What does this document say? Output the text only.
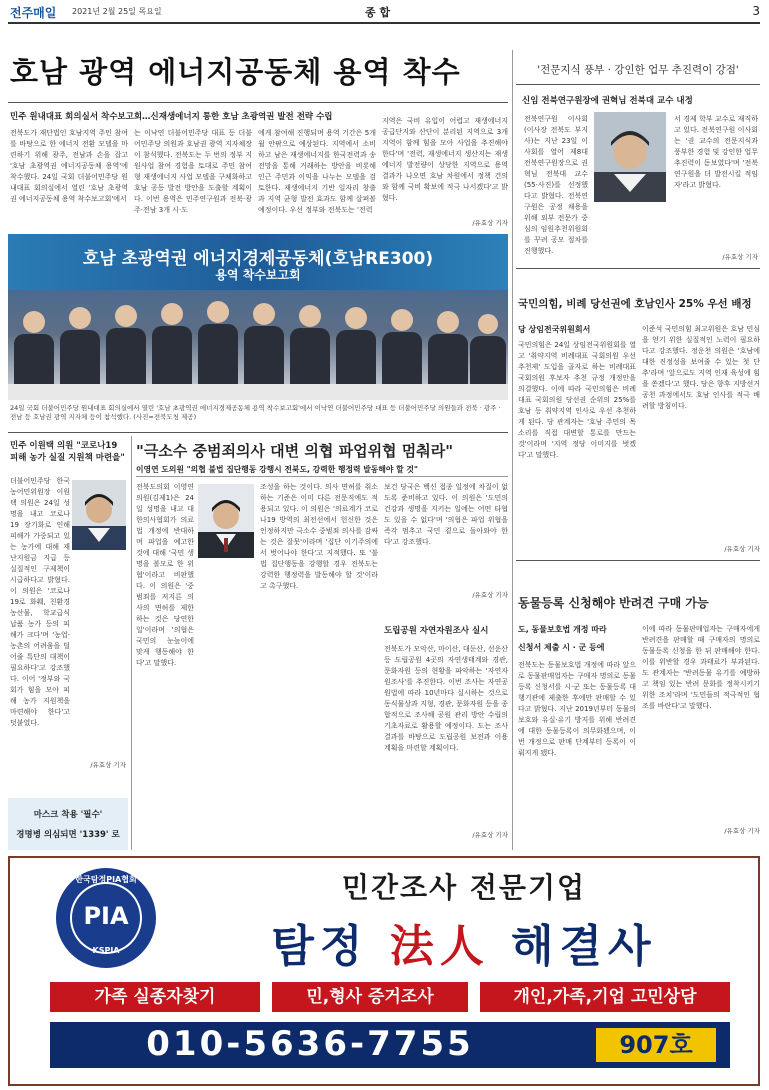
전주매일 2021년 2월 25일 목요일	종 합	3
호남 광역 에너지공동체 용역 착수
민주 원내대표 회의실서 착수보고회…신재생에너지 통한 호남 초광역권 발전 전략 수립
전북도가 재단법인 호남지역 주민 참여를 바탕으로 한 에너지 전환 모델을 마련하기 위해 광주, 전남과 손을 잡고 '호남 초광역권 에너지공동체 용역'에 착수했다. 24일 국회 더불어민주당 원내대표 회의실에서 열린 '호남 초광역권 에너지공동체 용역 착수보고회'에서
는 이낙연 더불어민주당 대표 등 더불어민주당 의원과 호남권 광역 지자체장이 참석했다. 전북도는 두 번의 정부 지원사업 참여 경험을 토대로 주민 참여형 재생에너지 사업 모델을 구체화하고 호남 공동 발전 방안을 도출할 계획이다. 이번 용역은 민주연구원과 전북·광주·전남 3개 시·도
에게 참여해 진행되며 용역 기간은 5개월 안팎으로 예상된다. 지역에서 소비하고 남은 재생에너지를 한국전력과 송전망을 통해 거래하는 방안을 비롯해 인근 주민과 이익을 나누는 모델을 검토한다. 재생에너지 기반 일자리 창출과 지역 균형 발전 효과도 함께 살펴볼 예정이다. 우선 정부와 전북도는 '전력
지역은 국비 유입이 어렵고 재생에너지 공급단지와 산단이 분리된 지역으로 3개 지역이 함께 힘을 모아 사업을 추진해야 한다'며 '전력, 재생에너지 생산지는 재생에너지 발전량이 상당한 지역으로 용역 결과가 나오면 호남 차원에서 정책 건의와 함께 국비 확보에 적극 나서겠다'고 밝혔다.
/유효상 기자
호남 초광역권 에너지경제공동체(호남RE300)
용역 착수보고회
24일 국회 더불어민주당 원내대표 회의실에서 열린 '호남 초광역권 에너지경제공동체 용역 착수보고회'에서 이낙연 더불어민주당 대표 등 더불어민주당 의원들과 전북 · 광주 · 전남 등 호남권 광역 지자체 등이 참석했다. (사진=전북도청 제공)
'전문지식 풍부 · 강인한 업무 추진력이 강점'
신임 전북연구원장에 권혁님 전북대 교수 내정
전북연구원 이사회(이사장 전북도 부지사)는 지난 23일 이사회를 열어 제8대 전북연구원장으로 권혁님 전북대 교수(55·사진)를 선정했다고 밝혔다. 전북연구원은 공정 채용을 위해 외부 전문가 중심의 임원추천위원회를 꾸려 공모 절차를 진행했다.
서 경제 학부 교수로 재직하고 있다. 전북연구원 이사회는 '권 교수의 전문지식과 풍부한 경험 및 강인한 업무 추진력이 돋보였다'며 '전북연구원을 더 발전시킬 적임자'라고 밝혔다.
/유효상 기자
국민의힘, 비례 당선권에 호남인사 25% 우선 배정
당 상임전국위원회서
국민의힘은 24일 상임전국위원회를 열고 '취약지역 비례대표 국회의원 우선추천제' 도입을 골자로 하는 비례대표 국회의원 후보자 추천 규정 개정안을 의결했다. 이에 따라 국민의힘은 비례대표 국회의원 당선권 순위의 25%를 호남 등 취약지역 인사로 우선 추천하게 된다. 당 관계자는 '호남 주민의 목소리를 직접 대변할 통로를 만드는 것'이라며 '지역 정당 이미지를 벗겠다'고 말했다.
이준석 국민의힘 최고위원은 호남 민심을 얻기 위한 실질적인 노력이 필요하다고 강조했다. 정운천 의원은 '호남에 대한 진정성을 보여줄 수 있는 첫 단추'라며 '앞으로도 지역 인재 육성에 힘을 쏟겠다'고 했다. 당은 향후 지방선거 공천 과정에서도 호남 인사를 적극 배려할 방침이다.
/유효상 기자
민주 이원택 의원 "코로나19 피해 농가 실질 지원책 마련을"
더불어민주당 한국농어민위원장 이원택 의원은 24일 성명을 내고 코로나19 장기화로 인해 피해가 가중되고 있는 농가에 대해 재난지원금 지급 등 실질적인 구제책이 시급하다고 밝혔다. 이 의원은 '코로나19로 화훼, 친환경 농산물, 학교급식 납품 농가 등의 피해가 크다'며 '농업·농촌의 어려움을 덜어줄 특단의 대책이 필요하다'고 강조했다. 이어 '정부와 국회가 힘을 모아 피해 농가 지원책을 마련해야 한다'고 덧붙였다.
/유효상 기자
마스크 착용 '필수'
경명병 의심되면 '1339' 로
"극소수 중범죄의사 대변 의협 파업위협 멈춰라"
이영연 도의원 "의협 불법 집단행동 강행시 전북도, 강력한 행정력 발동해야 할 것"
전북도의회 이영연 의원(김제1)은 24일 성명을 내고 대한의사협회가 의료법 개정에 반대하며 파업을 예고한 것에 대해 '국민 생명을 볼모로 한 위협'이라고 비판했다. 이 의원은 '중범죄를 저지른 의사의 면허를 제한하는 것은 당연한 일'이라며 '의협은 국민의 눈높이에 맞게 행동해야 한다'고 말했다.
조성을 하는 것이다. 의사 면허를 취소하는 기준은 이미 다른 전문직에도 적용되고 있다. 이 의원은 '의료계가 코로나19 방역의 최전선에서 헌신한 것은 인정하지만 극소수 중범죄 의사를 감싸는 것은 잘못'이라며 '집단 이기주의에서 벗어나야 한다'고 지적했다. 또 '불법 집단행동을 강행할 경우 전북도는 강력한 행정력을 발동해야 할 것'이라고 촉구했다.
보건 당국은 백신 접종 일정에 차질이 없도록 준비하고 있다. 이 의원은 '도민의 건강과 생명을 지키는 일에는 어떤 타협도 있을 수 없다'며 '의협은 파업 위협을 즉각 멈추고 국민 곁으로 돌아와야 한다'고 강조했다.
/유효상 기자
도립공원 자연자원조사 실시
전북도가 모악산, 마이산, 대둔산, 선운산 등 도립공원 4곳의 자연생태계와 경관, 문화자원 등의 현황을 파악하는 '자연자원조사'를 추진한다. 이번 조사는 자연공원법에 따라 10년마다 실시하는 것으로 동식물상과 지형, 경관, 문화자원 등을 종합적으로 조사해 공원 관리 방안 수립의 기초자료로 활용할 예정이다. 도는 조사 결과를 바탕으로 도립공원 보전과 이용 계획을 마련할 계획이다.
/유효상 기자
동물등록 신청해야 반려견 구매 가능
도, 동물보호법 개정 따라
신청서 제출 시 · 군 등에
전북도는 동물보호법 개정에 따라 앞으로 동물판매업자는 구매자 명의로 동물등록 신청서를 시·군 또는 동물등록 대행기관에 제출한 후에만 판매할 수 있다고 밝혔다. 지난 2019년부터 동물의 보호와 유실·유기 방지를 위해 반려견에 대한 동물등록이 의무화됐으며, 이번 개정으로 판매 단계부터 등록이 이뤄지게 됐다.
이에 따라 동물판매업자는 구매자에게 반려견을 판매할 때 구매자의 명의로 동물등록 신청을 한 뒤 판매해야 한다. 이를 위반할 경우 과태료가 부과된다. 도 관계자는 '반려동물 유기를 예방하고 책임 있는 반려 문화를 정착시키기 위한 조치'라며 '도민들의 적극적인 협조를 바란다'고 말했다.
/유효상 기자
민간조사 전문기업
한국탐정PIA협회
PIA
KSPIA	탐정 法人 해결사
가족 실종자찾기	민,형사 증거조사	개인,가족,기업 고민상담
010-5636-7755	907호
